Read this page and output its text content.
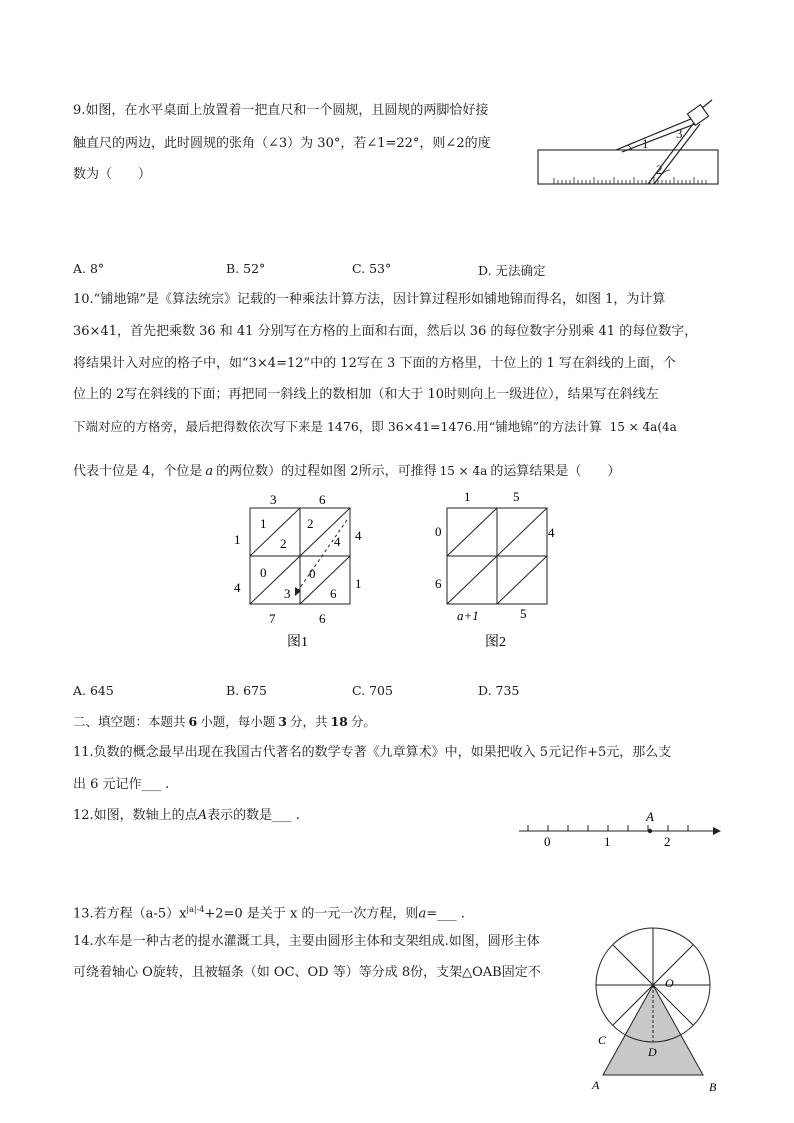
9.如图，在水平桌面上放置着一把直尺和一个圆规，且圆规的两脚恰好接
触直尺的两边，此时圆规的张角（∠3）为 30°，若∠1=22°，则∠2的度
数为（　　）
1
3
2
A. 8°	B. 52°	C. 53°	D. 无法确定
10.“铺地锦”是《算法统宗》记载的一种乘法计算方法，因计算过程形如铺地锦而得名，如图 1，为计算
36×41，首先把乘数 36 和 41 分别写在方格的上面和右面，然后以 36 的每位数字分别乘 41 的每位数字，
将结果计入对应的格子中，如“3×4=12”中的 12写在 3 下面的方格里，十位上的 1 写在斜线的上面，个
位上的 2写在斜线的下面；再把同一斜线上的数相加（和大于 10时则向上一级进位），结果写在斜线左
下端对应的方格旁，最后把得数依次写下来是 1476，即 36×41=1476.用“铺地锦”的方法计算 15 × 4̄a(4a
代表十位是 4，个位是 a 的两位数）的过程如图 2所示，可推得 15 × 4̄a 的运算结果是（　　）
3	6
4
1
1
4
7	6
1
2
2
4
0
3
0
6
图1
1	5
4
0
6
a+1	5
图2
A. 645	B. 675	C. 705	D. 735
二、填空题：本题共 6 小题，每小题 3 分，共 18 分。
11.负数的概念最早出现在我国古代著名的数学专著《九章算术》中，如果把收入 5元记作+5元，那么支
出 6 元记作___ .
12.如图，数轴上的点A表示的数是___ .
0	1	2
A
13.若方程$(a-5)x^{|a|-4}+2=0$ 是关于 x 的一元一次方程，则a=___ .
14.水车是一种古老的提水灌溉工具，主要由圆形主体和支架组成.如图，圆形主体
可绕着轴心 O旋转，且被辐条（如 OC、OD 等）等分成 8份，支架△OAB固定不
O
C
D
A	B
